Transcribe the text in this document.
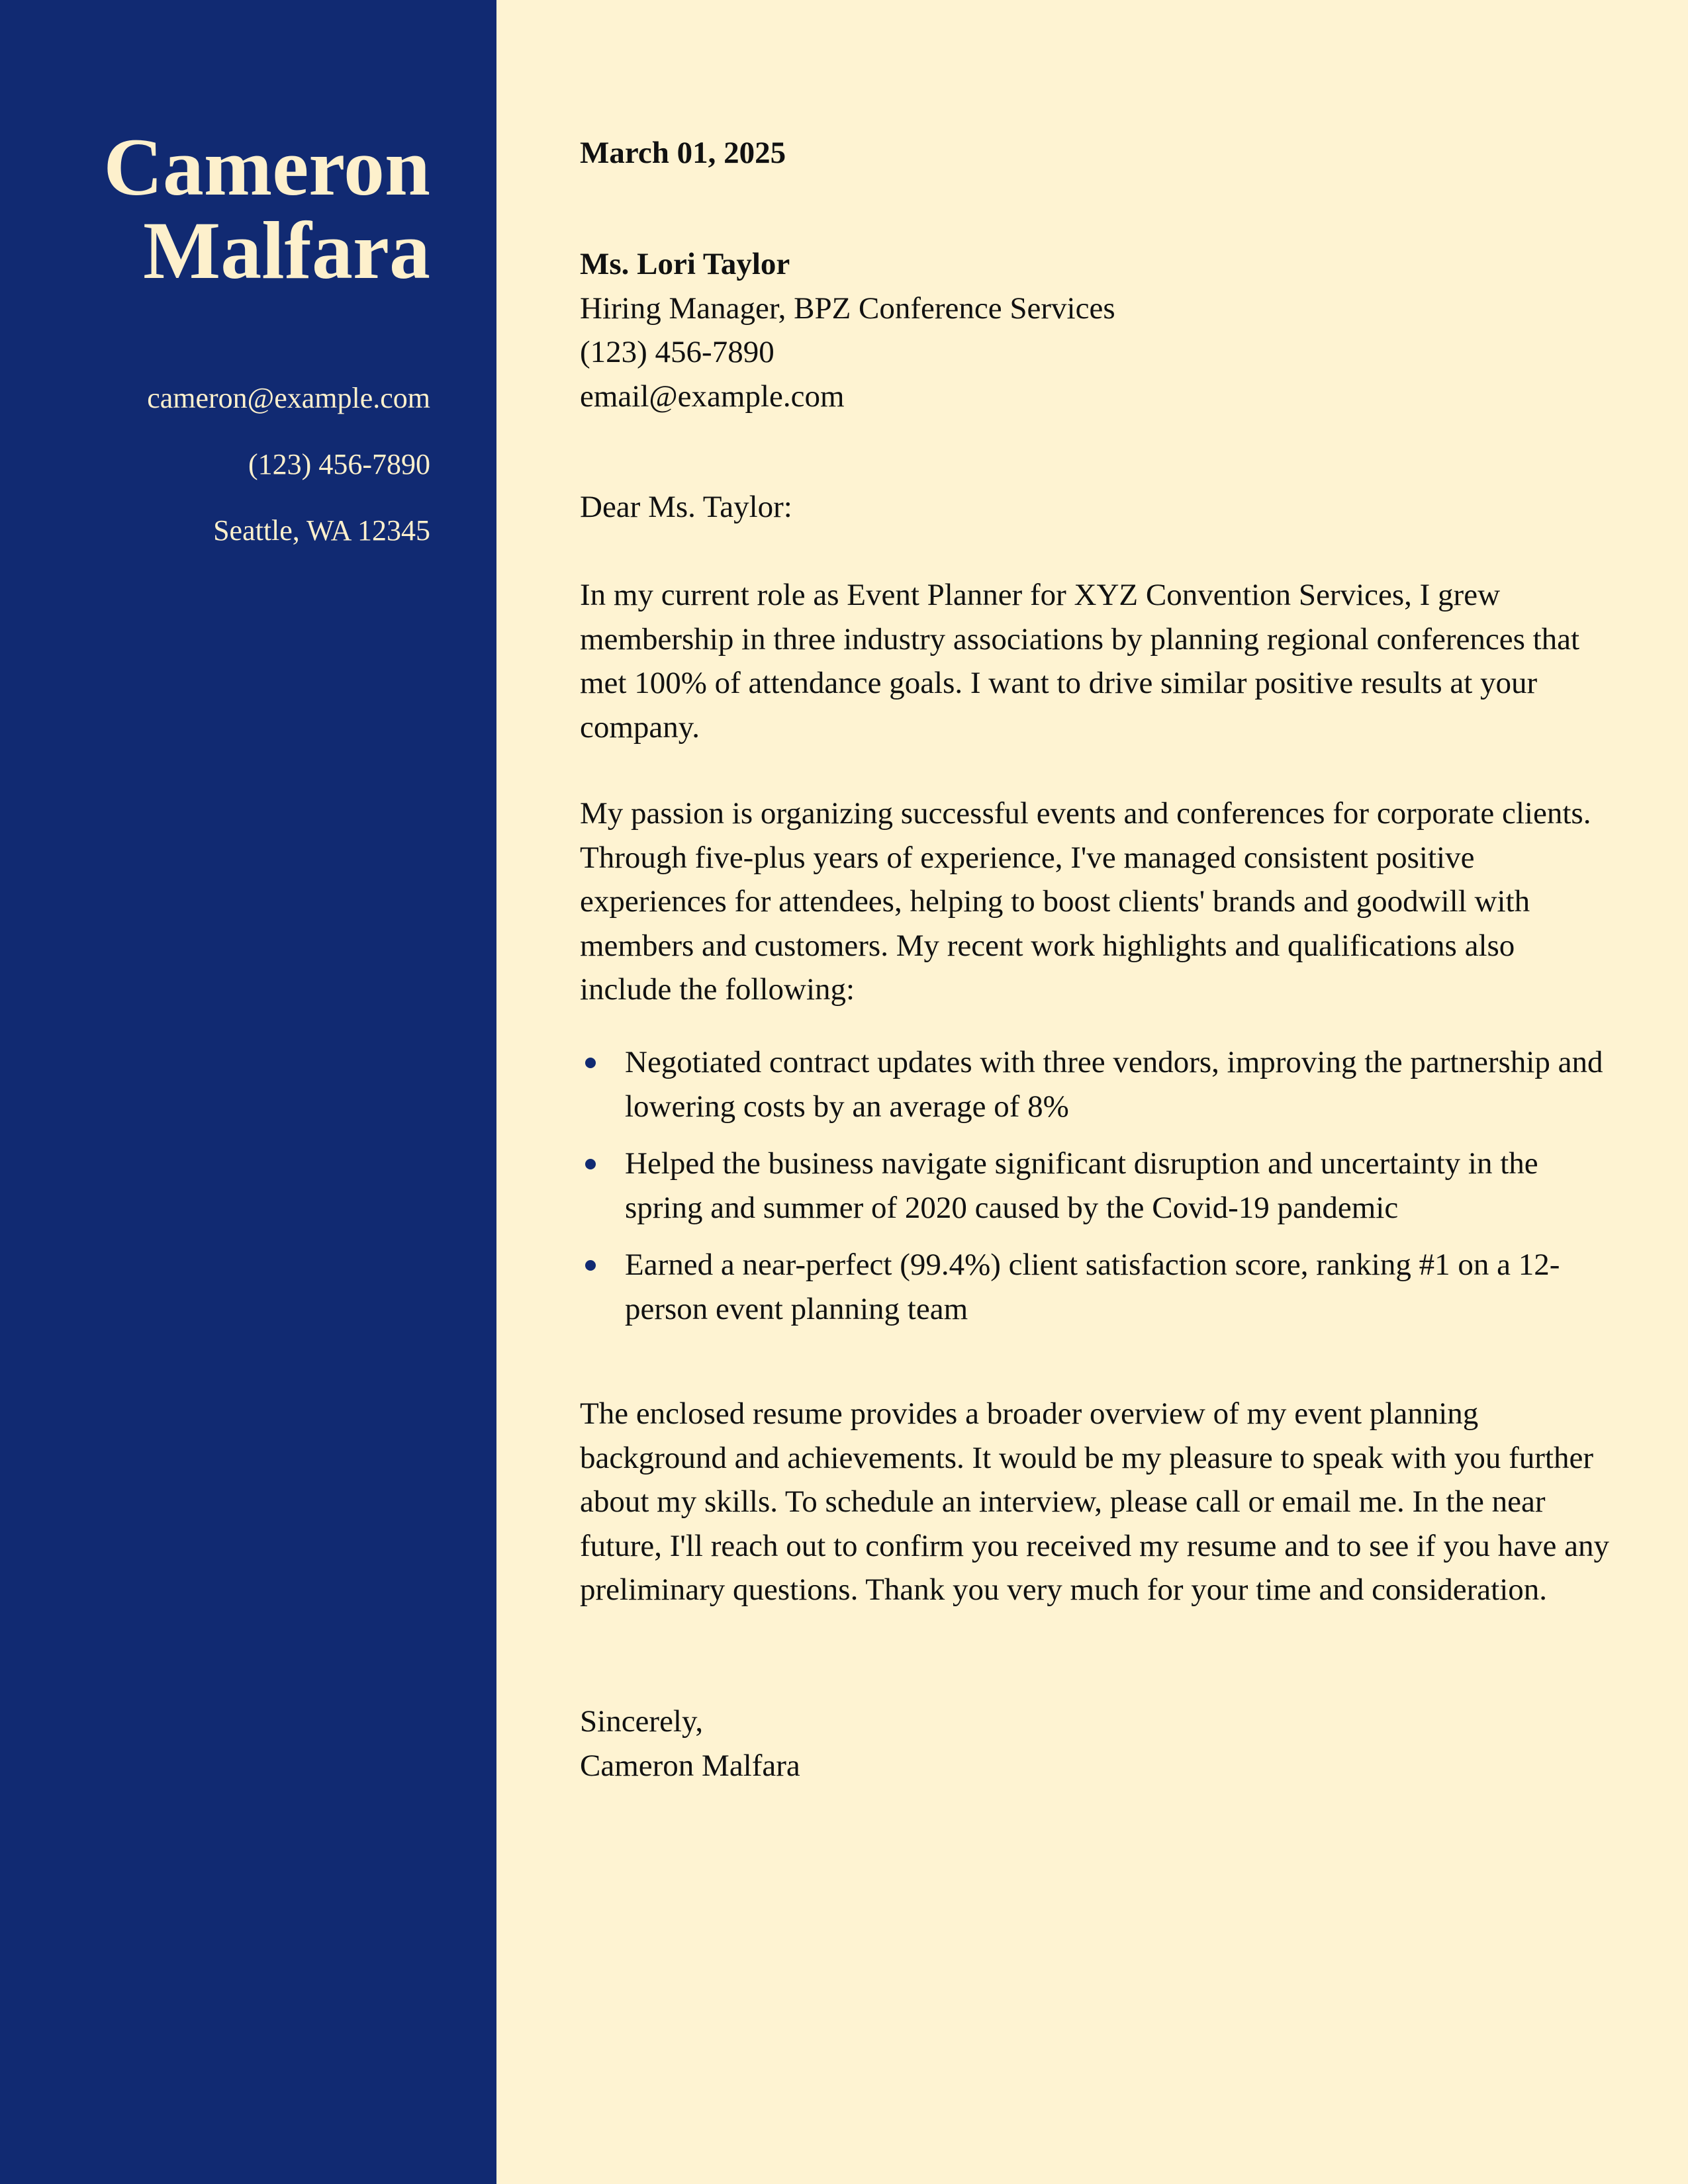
Cameron
Malfara
cameron@example.com
(123) 456-7890
Seattle, WA 12345
March 01, 2025
Ms. Lori Taylor
Hiring Manager, BPZ Conference Services
(123) 456-7890
email@example.com
Dear Ms. Taylor:

In my current role as Event Planner for XYZ Convention Services, I grew membership in three industry associations by planning regional conferences that met 100% of attendance goals. I want to drive similar positive results at your company.

My passion is organizing successful events and conferences for corporate clients. Through five-plus years of experience, I've managed consistent positive experiences for attendees, helping to boost clients' brands and goodwill with members and customers. My recent work highlights and qualifications also include the following:

Negotiated contract updates with three vendors, improving the partnership and lowering costs by an average of 8%
Helped the business navigate significant disruption and uncertainty in the spring and summer of 2020 caused by the Covid-19 pandemic
Earned a near-perfect (99.4%) client satisfaction score, ranking #1 on a 12-person event planning team

The enclosed resume provides a broader overview of my event planning background and achievements. It would be my pleasure to speak with you further about my skills. To schedule an interview, please call or email me. In the near future, I'll reach out to confirm you received my resume and to see if you have any preliminary questions. Thank you very much for your time and consideration.

Sincerely,
Cameron Malfara
